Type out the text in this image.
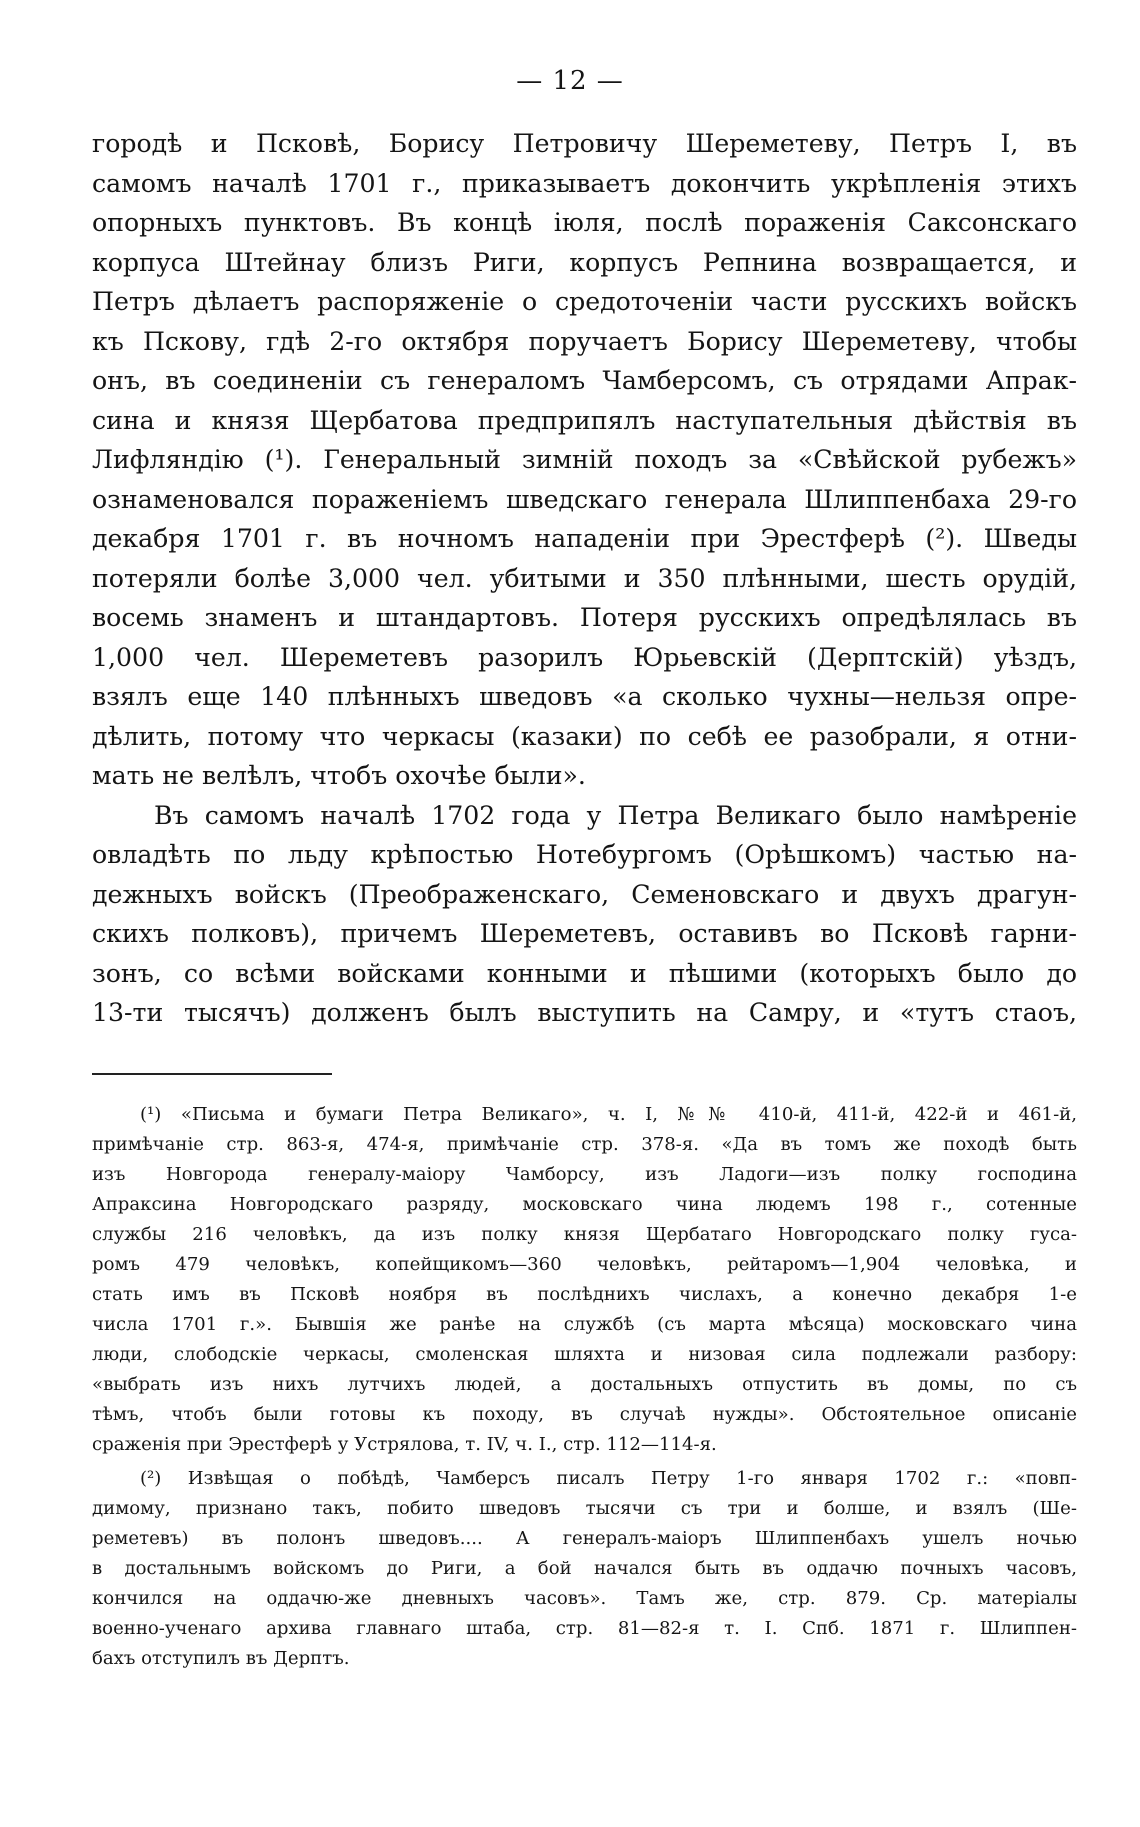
— 12 —
городѣ и Псковѣ, Борису Петровичу Шереметеву, Петръ I, въ
самомъ началѣ 1701 г., приказываетъ докончить укрѣпленія этихъ
опорныхъ пунктовъ. Въ концѣ іюля, послѣ пораженія Саксонскаго
корпуса Штейнау близъ Риги, корпусъ Репнина возвращается, и
Петръ дѣлаетъ распоряженіе о средоточеніи части русскихъ войскъ
къ Пскову, гдѣ 2-го октября поручаетъ Борису Шереметеву, чтобы
онъ, въ соединеніи съ генераломъ Чамберсомъ, съ отрядами Апрак-
сина и князя Щербатова предприпялъ наступательныя дѣйствія въ
Лифляндію (¹). Генеральный зимній походъ за «Свѣйской рубежъ»
ознаменовался пораженіемъ шведскаго генерала Шлиппенбаха 29-го
декабря 1701 г. въ ночномъ нападеніи при Эрестферѣ (²). Шведы
потеряли болѣе 3,000 чел. убитыми и 350 плѣнными, шесть орудій,
восемь знаменъ и штандартовъ. Потеря русскихъ опредѣлялась въ
1,000 чел. Шереметевъ разорилъ Юрьевскій (Дерптскій) уѣздъ,
взялъ еще 140 плѣнныхъ шведовъ «а сколько чухны—нельзя опре-
дѣлить, потому что черкасы (казаки) по себѣ ее разобрали, я отни-
мать не велѣлъ, чтобъ охочѣе были».
Въ самомъ началѣ 1702 года у Петра Великаго было намѣреніе
овладѣть по льду крѣпостью Нотебургомъ (Орѣшкомъ) частью на-
дежныхъ войскъ (Преображенскаго, Семеновскаго и двухъ драгун-
скихъ полковъ), причемъ Шереметевъ, оставивъ во Псковѣ гарни-
зонъ, со всѣми войсками конными и пѣшими (которыхъ было до
13-ти тысячъ) долженъ былъ выступить на Самру, и «тутъ стаоъ,
(¹) «Письма и бумаги Петра Великаго», ч. I, №№ 410-й, 411-й, 422-й и 461-й,
примѣчаніе стр. 863-я, 474-я, примѣчаніе стр. 378-я. «Да въ томъ же походѣ быть
изъ Новгорода генералу-маіору Чамборсу, изъ Ладоги—изъ полку господина
Апраксина Новгородскаго разряду, московскаго чина людемъ 198 г., сотенные
службы 216 человѣкъ, да изъ полку князя Щербатаго Новгородскаго полку гуса-
ромъ 479 человѣкъ, копейщикомъ—360 человѣкъ, рейтаромъ—1,904 человѣка, и
стать имъ въ Псковѣ ноября въ послѣднихъ числахъ, а конечно декабря 1-е
числа 1701 г.». Бывшія же ранѣе на службѣ (съ марта мѣсяца) московскаго чина
люди, слободскіе черкасы, смоленская шляхта и низовая сила подлежали разбору:
«выбрать изъ нихъ лутчихъ людей, а достальныхъ отпустить въ домы, по съ
тѣмъ, чтобъ были готовы къ походу, въ случаѣ нужды». Обстоятельное описаніе
сраженія при Эрестферѣ у Устрялова, т. IV, ч. I., стр. 112—114-я.
(²) Извѣщая о побѣдѣ, Чамберсъ писалъ Петру 1-го января 1702 г.: «повп-
димому, признано такъ, побито шведовъ тысячи съ три и болше, и взялъ (Ше-
реметевъ) въ полонъ шведовъ.... А генералъ-маіоръ Шлиппенбахъ ушелъ ночью
в достальнымъ войскомъ до Риги, а бой начался быть въ оддачю почныхъ часовъ,
кончился на оддачю-же дневныхъ часовъ». Тамъ же, стр. 879. Ср. матеріалы
военно-ученаго архива главнаго штаба, стр. 81—82-я т. I. Спб. 1871 г. Шлиппен-
бахъ отступилъ въ Дерптъ.
